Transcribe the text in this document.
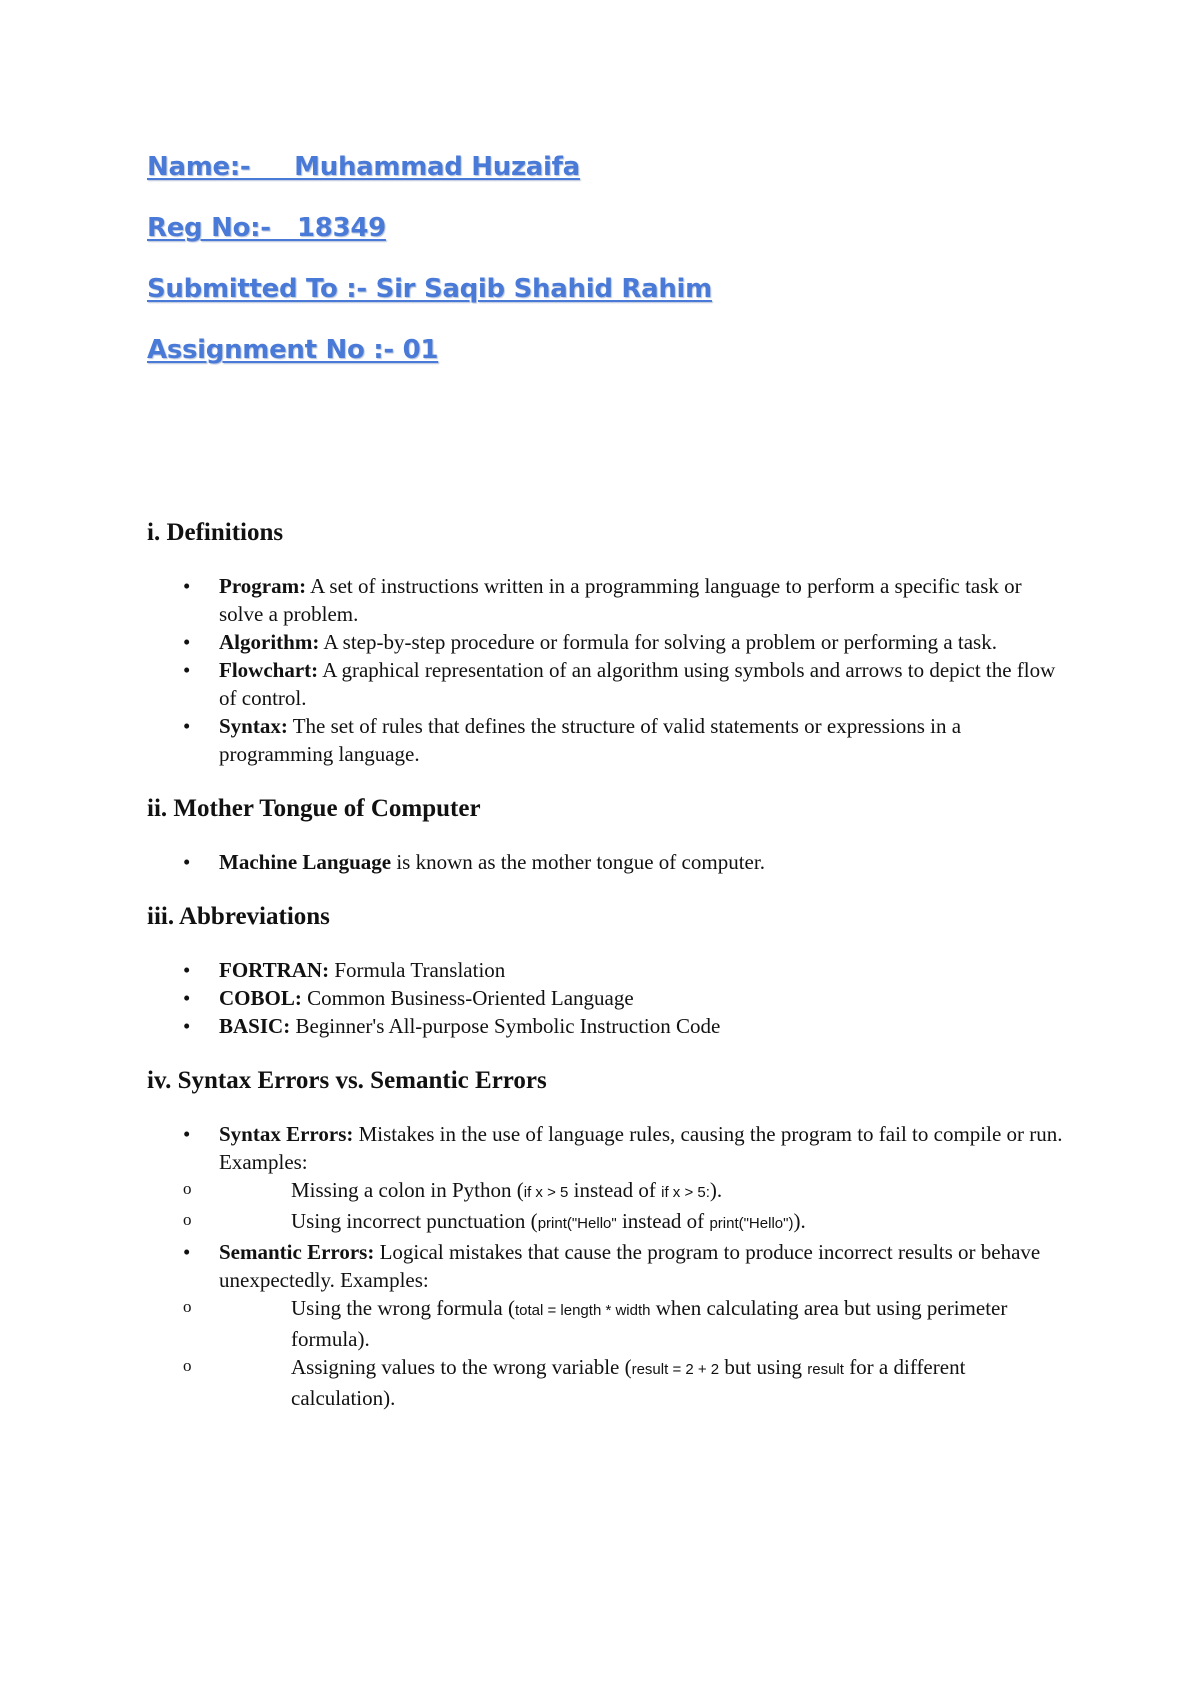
Name:-     Muhammad Huzaifa
Reg No:-   18349
Submitted To :- Sir Saqib Shahid Rahim
Assignment No :- 01
i. Definitions
• Program: A set of instructions written in a programming language to perform a specific task or solve a problem.
• Algorithm: A step-by-step procedure or formula for solving a problem or performing a task.
• Flowchart: A graphical representation of an algorithm using symbols and arrows to depict the flow of control.
• Syntax: The set of rules that defines the structure of valid statements or expressions in a programming language.
ii. Mother Tongue of Computer
• Machine Language is known as the mother tongue of computer.
iii. Abbreviations
• FORTRAN: Formula Translation
• COBOL: Common Business-Oriented Language
• BASIC: Beginner's All-purpose Symbolic Instruction Code
iv. Syntax Errors vs. Semantic Errors
• Syntax Errors: Mistakes in the use of language rules, causing the program to fail to compile or run. Examples:
o Missing a colon in Python (if x > 5 instead of if x > 5:).
o Using incorrect punctuation (print("Hello" instead of print("Hello")).
• Semantic Errors: Logical mistakes that cause the program to produce incorrect results or behave unexpectedly. Examples:
o Using the wrong formula (total = length * width when calculating area but using perimeter formula).
o Assigning values to the wrong variable (result = 2 + 2 but using result for a different calculation).
